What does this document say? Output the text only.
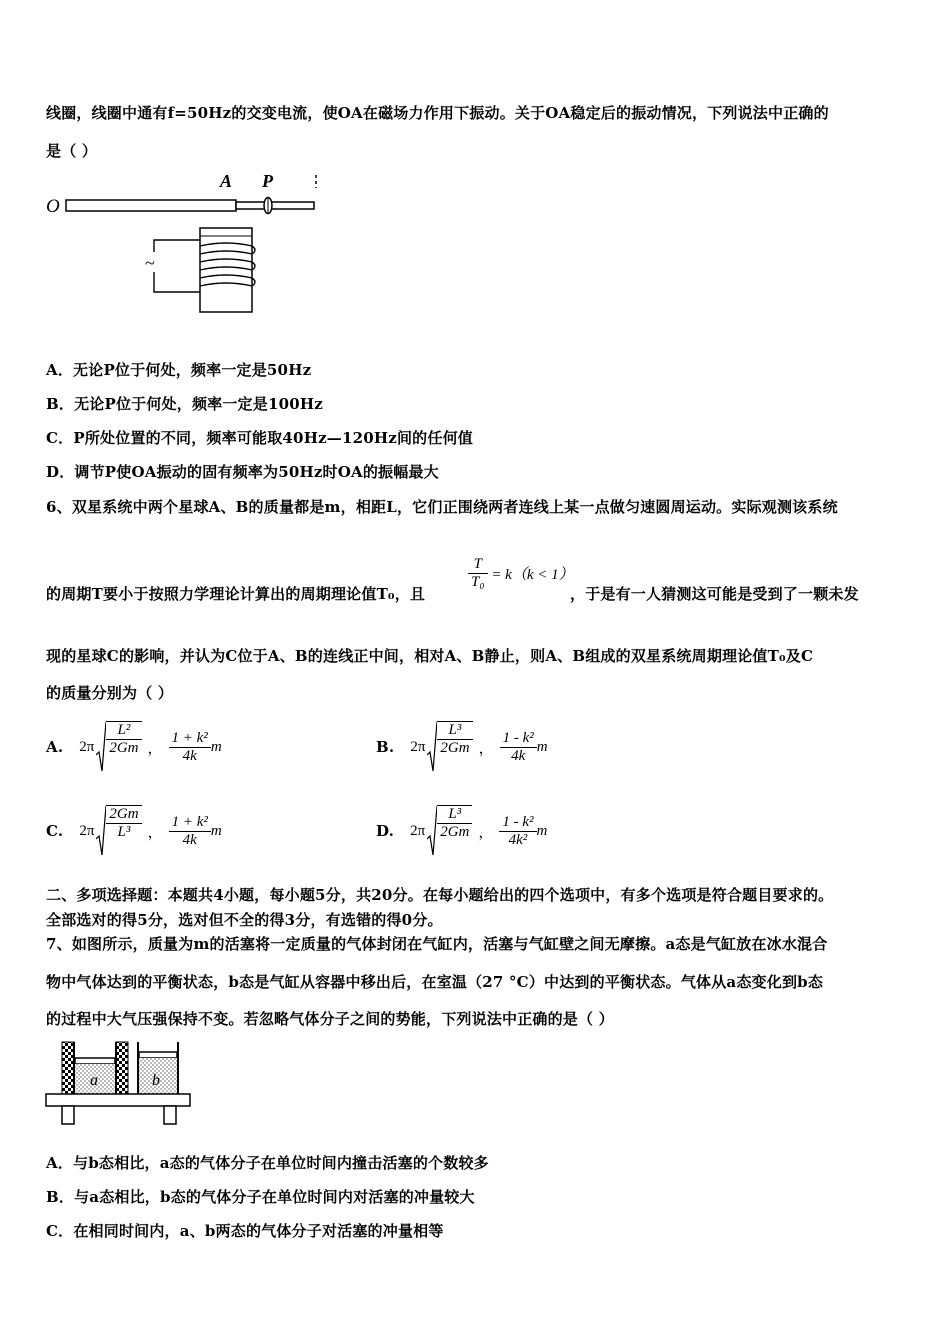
线圈，线圈中通有f=50Hz的交变电流，使OA在磁场力作用下振动。关于OA稳定后的振动情况，下列说法中正确的
是（ ）
O
A P
~
A．无论P位于何处，频率一定是50Hz
B．无论P位于何处，频率一定是100Hz
C．P所处位置的不同，频率可能取40Hz—120Hz间的任何值
D．调节P使OA振动的固有频率为50Hz时OA的振幅最大
6、双星系统中两个星球A、B的质量都是m，相距L，它们正围绕两者连线上某一点做匀速圆周运动。实际观测该系统
的周期T要小于按照力学理论计算出的周期理论值T₀，且
$\frac{T}{\text{T₀}} = k(k < 1)$
，于是有一人猜测这可能是受到了一颗未发
现的星球C的影响，并认为C位于A、B的连线正中间，相对A、B静止，则A、B组成的双星系统周期理论值T₀及C
的质量分别为（ ）
A. $2\pi \frac{\text{L²}}{2Gm}$ ， $\frac{\text{1 + k²}}{4k}$ m	B. $2\pi \frac{\text{L³}}{2Gm}$ ， $\frac{\text{1 - k²}}{4k}$ m
C. $2\pi \frac{2Gm}{\text{L³}}$ ， $\frac{\text{1 + k²}}{4k}$ m	D. $2\pi \frac{\text{L³}}{2Gm}$ ， $\frac{\text{1 - k²}}{\text{4k²}}$ m
二、多项选择题：本题共4小题，每小题5分，共20分。在每小题给出的四个选项中，有多个选项是符合题目要求的。
全部选对的得5分，选对但不全的得3分，有选错的得0分。
7、如图所示，质量为m的活塞将一定质量的气体封闭在气缸内，活塞与气缸壁之间无摩擦。a态是气缸放在冰水混合
物中气体达到的平衡状态，b态是气缸从容器中移出后，在室温（27 °C）中达到的平衡状态。气体从a态变化到b态
的过程中大气压强保持不变。若忽略气体分子之间的势能，下列说法中正确的是（ ）
a	b
A．与b态相比，a态的气体分子在单位时间内撞击活塞的个数较多
B．与a态相比，b态的气体分子在单位时间内对活塞的冲量较大
C．在相同时间内，a、b两态的气体分子对活塞的冲量相等
